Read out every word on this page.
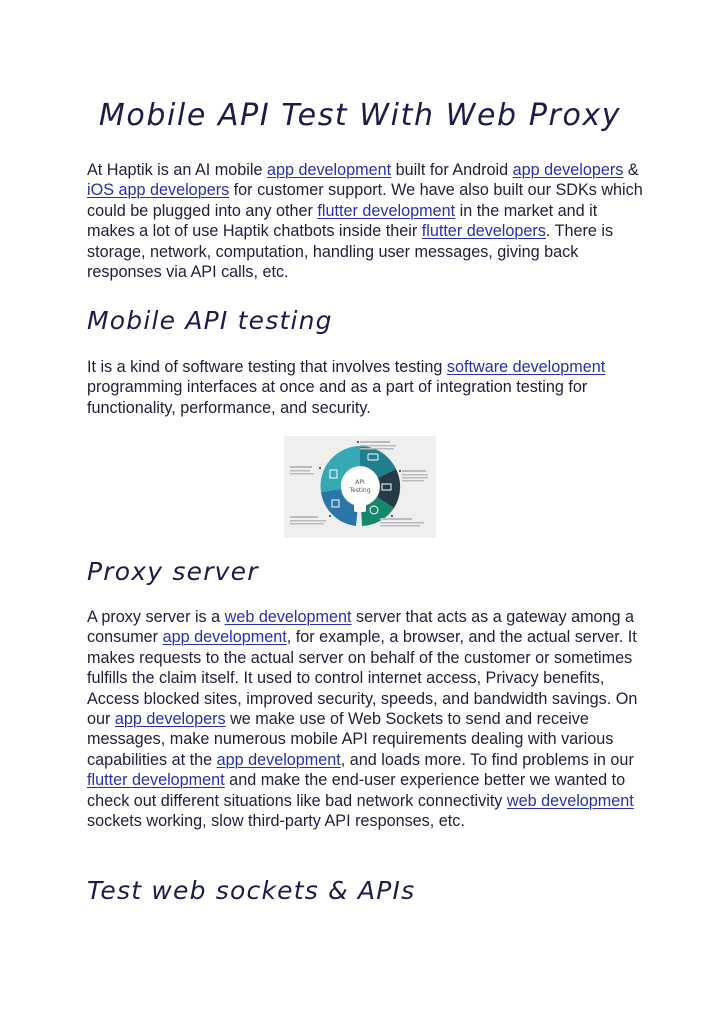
Mobile API Test With Web Proxy

At Haptik is an AI mobile app development built for Android app developers & iOS app developers for customer support. We have also built our SDKs which could be plugged into any other flutter development in the market and it makes a lot of use Haptik chatbots inside their flutter developers. There is storage, network, computation, handling user messages, giving back responses via API calls, etc.

Mobile API testing

It is a kind of software testing that involves testing software development programming interfaces at once and as a part of integration testing for functionality, performance, and security.

API
Testing
Proxy server

A proxy server is a web development server that acts as a gateway among a consumer app development, for example, a browser, and the actual server. It makes requests to the actual server on behalf of the customer or sometimes fulfills the claim itself. It used to control internet access, Privacy benefits, Access blocked sites, improved security, speeds, and bandwidth savings. On our app developers we make use of Web Sockets to send and receive messages, make numerous mobile API requirements dealing with various capabilities at the app development, and loads more. To find problems in our flutter development and make the end-user experience better we wanted to check out different situations like bad network connectivity web development sockets working, slow third-party API responses, etc.

Test web sockets & APIs
